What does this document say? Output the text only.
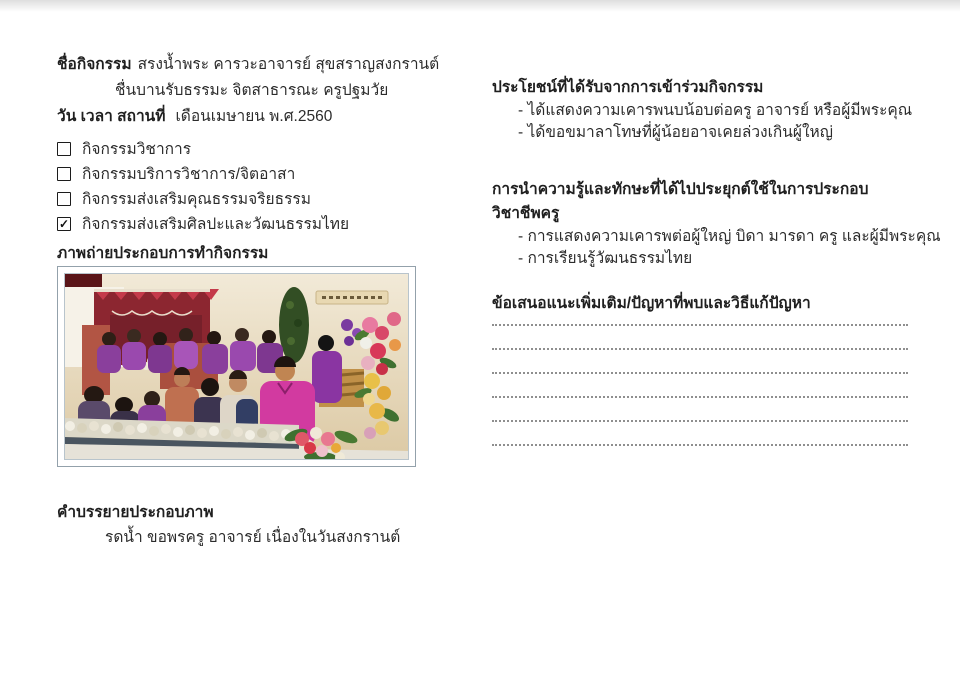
ชื่อกิจกรรม สรงน้ำพระ คารวะอาจารย์ สุขสราญสงกรานต์
ชื่นบานรับธรรมะ จิตสาธารณะ ครูปฐมวัย
วัน เวลา สถานที่ เดือนเมษายน พ.ศ.2560
กิจกรรมวิชาการ
กิจกรรมบริการวิชาการ/จิตอาสา
กิจกรรมส่งเสริมคุณธรรมจริยธรรม
✓ กิจกรรมส่งเสริมศิลปะและวัฒนธรรมไทย
ภาพถ่ายประกอบการทำกิจกรรม
คำบรรยายประกอบภาพ
รดน้ำ ขอพรครู อาจารย์ เนื่องในวันสงกรานต์
ประโยชน์ที่ได้รับจากการเข้าร่วมกิจกรรม
- ได้แสดงความเคารพนบน้อบต่อครู อาจารย์ หรือผู้มีพระคุณ
- ได้ขอขมาลาโทษที่ผู้น้อยอาจเคยล่วงเกินผู้ใหญ่
การนำความรู้และทักษะที่ได้ไปประยุกต์ใช้ในการประกอบวิชาชีพครู
- การแสดงความเคารพต่อผู้ใหญ่ บิดา มารดา ครู และผู้มีพระคุณ
- การเรียนรู้วัฒนธรรมไทย
ข้อเสนอแนะเพิ่มเติม/ปัญหาที่พบและวิธีแก้ปัญหา
